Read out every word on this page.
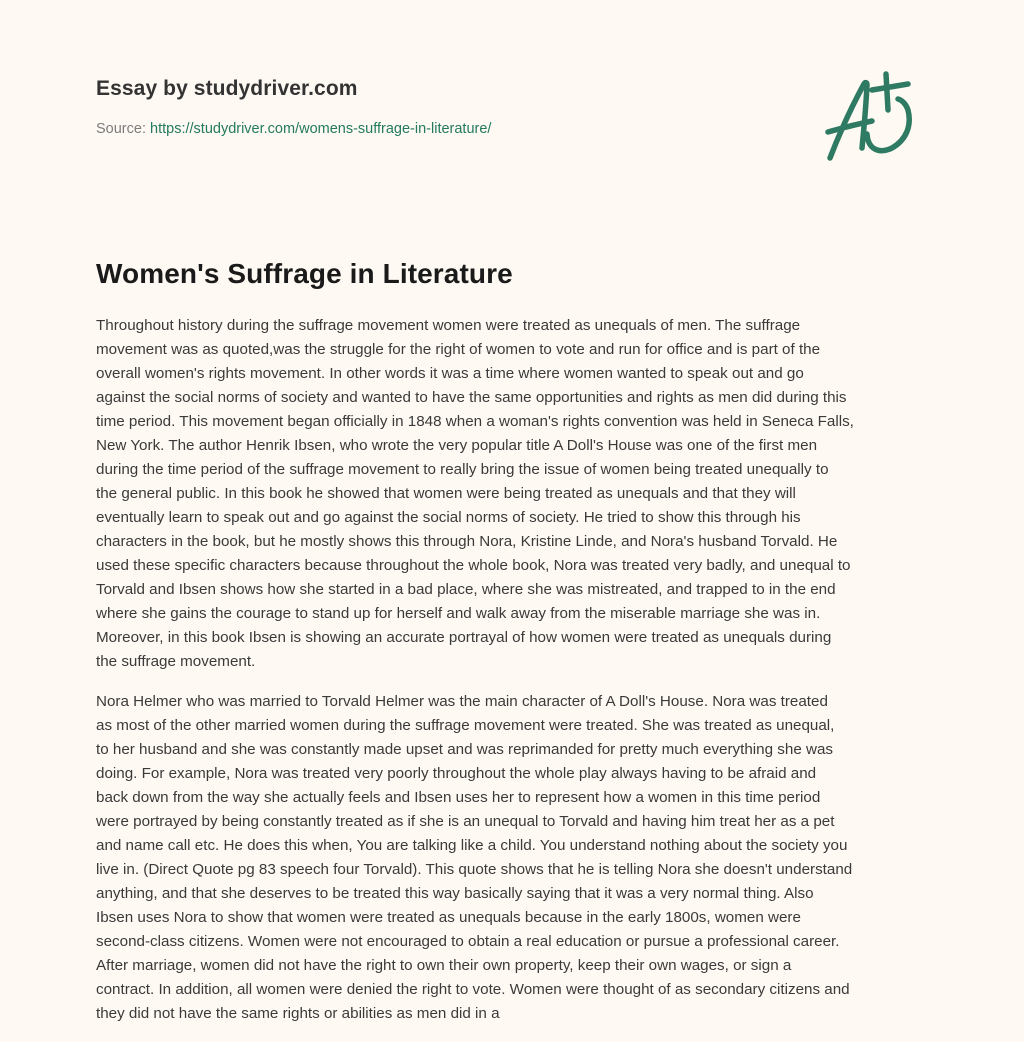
Essay by studydriver.com
Source: https://studydriver.com/womens-suffrage-in-literature/
Women's Suffrage in Literature

Throughout history during the suffrage movement women were treated as unequals of men. The suffrage
movement was as quoted,was the struggle for the right of women to vote and run for office and is part of the
overall women's rights movement. In other words it was a time where women wanted to speak out and go
against the social norms of society and wanted to have the same opportunities and rights as men did during this
time period. This movement began officially in 1848 when a woman's rights convention was held in Seneca Falls,
New York. The author Henrik Ibsen, who wrote the very popular title A Doll's House was one of the first men
during the time period of the suffrage movement to really bring the issue of women being treated unequally to
the general public. In this book he showed that women were being treated as unequals and that they will
eventually learn to speak out and go against the social norms of society. He tried to show this through his
characters in the book, but he mostly shows this through Nora, Kristine Linde, and Nora's husband Torvald. He
used these specific characters because throughout the whole book, Nora was treated very badly, and unequal to
Torvald and Ibsen shows how she started in a bad place, where she was mistreated, and trapped to in the end
where she gains the courage to stand up for herself and walk away from the miserable marriage she was in.
Moreover, in this book Ibsen is showing an accurate portrayal of how women were treated as unequals during
the suffrage movement.

Nora Helmer who was married to Torvald Helmer was the main character of A Doll's House. Nora was treated
as most of the other married women during the suffrage movement were treated. She was treated as unequal,
to her husband and she was constantly made upset and was reprimanded for pretty much everything she was
doing. For example, Nora was treated very poorly throughout the whole play always having to be afraid and
back down from the way she actually feels and Ibsen uses her to represent how a women in this time period
were portrayed by being constantly treated as if she is an unequal to Torvald and having him treat her as a pet
and name call etc. He does this when, You are talking like a child. You understand nothing about the society you
live in. (Direct Quote pg 83 speech four Torvald). This quote shows that he is telling Nora she doesn't understand
anything, and that she deserves to be treated this way basically saying that it was a very normal thing. Also
Ibsen uses Nora to show that women were treated as unequals because in the early 1800s, women were
second-class citizens. Women were not encouraged to obtain a real education or pursue a professional career.
After marriage, women did not have the right to own their own property, keep their own wages, or sign a
contract. In addition, all women were denied the right to vote. Women were thought of as secondary citizens and
they did not have the same rights or abilities as men did in a
